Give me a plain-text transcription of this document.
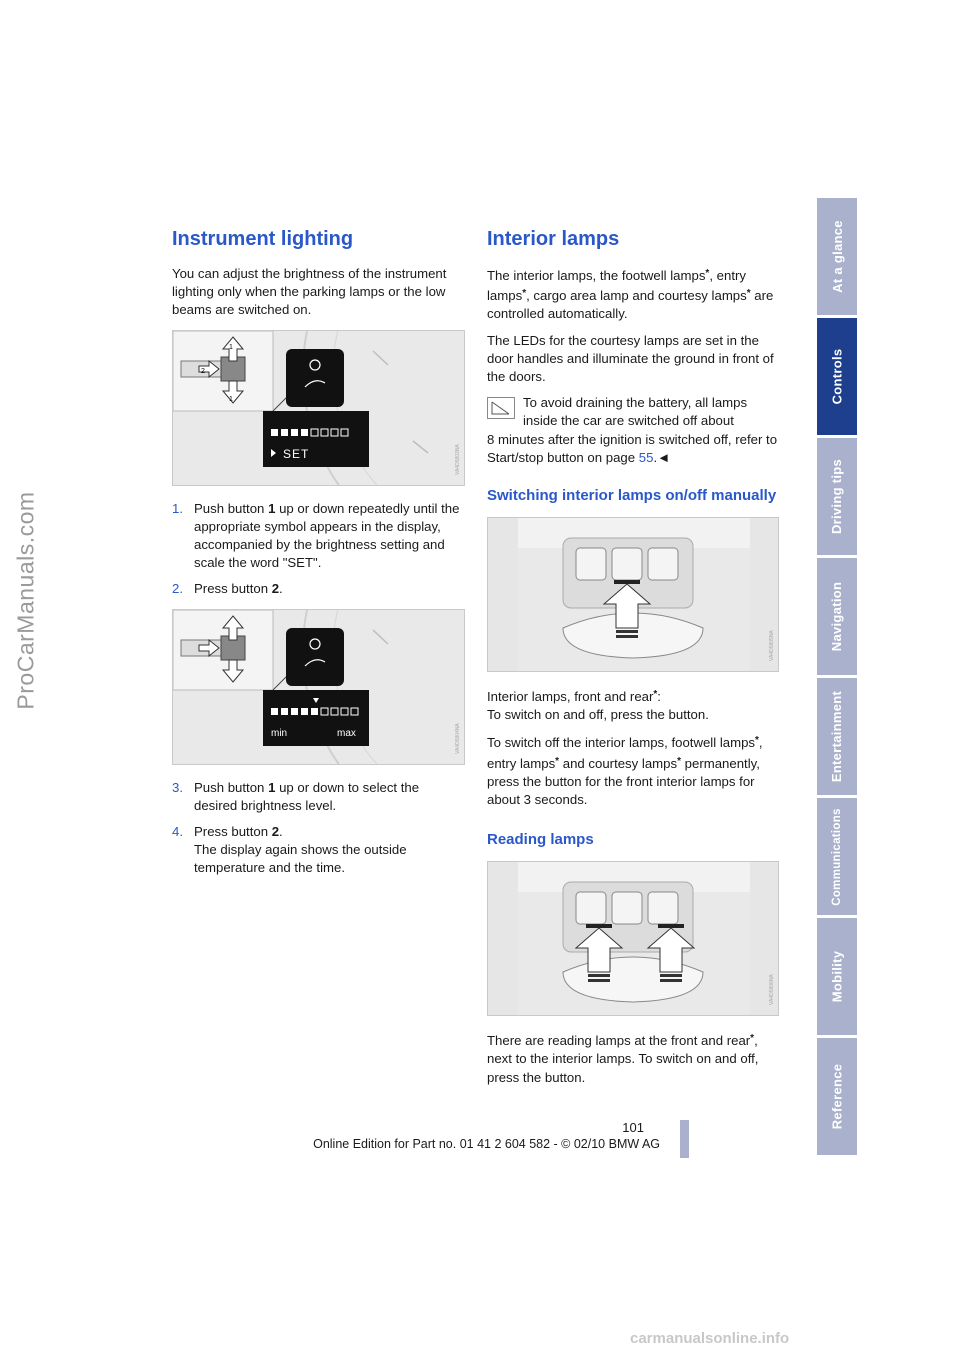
ProCarManuals.com
At a glance
Controls
Driving tips
Navigation
Entertainment
Communications
Mobility
Reference
Instrument lighting

You can adjust the brightness of the instrument lighting only when the parking lamps or the low beams are switched on.

1
2
1
SET	VA4D5803NA
1. Push button 1 up or down repeatedly until the appropriate symbol appears in the display, accompanied by the brightness setting and scale the word "SET".
2. Press button 2.
min	max	VA4D5804NA
3. Push button 1 up or down to select the desired brightness level.
4. Press button 2.
The display again shows the outside temperature and the time.
Interior lamps

The interior lamps, the footwell lamps*, entry lamps*, cargo area lamp and courtesy lamps* are controlled automatically.

The LEDs for the courtesy lamps are set in the door handles and illuminate the ground in front of the doors.

To avoid draining the battery, all lamps inside the car are switched off about

8 minutes after the ignition is switched off, refer to Start/stop button on page 55.◄

Switching interior lamps on/off manually
VA4D5805NA

Interior lamps, front and rear*:
To switch on and off, press the button.

To switch off the interior lamps, footwell lamps*, entry lamps* and courtesy lamps* permanently, press the button for the front interior lamps for about 3 seconds.

Reading lamps
VA4D5806NA

There are reading lamps at the front and rear*, next to the interior lamps. To switch on and off, press the button.

101
Online Edition for Part no. 01 41 2 604 582 - © 02/10 BMW AG
carmanualsonline.info
